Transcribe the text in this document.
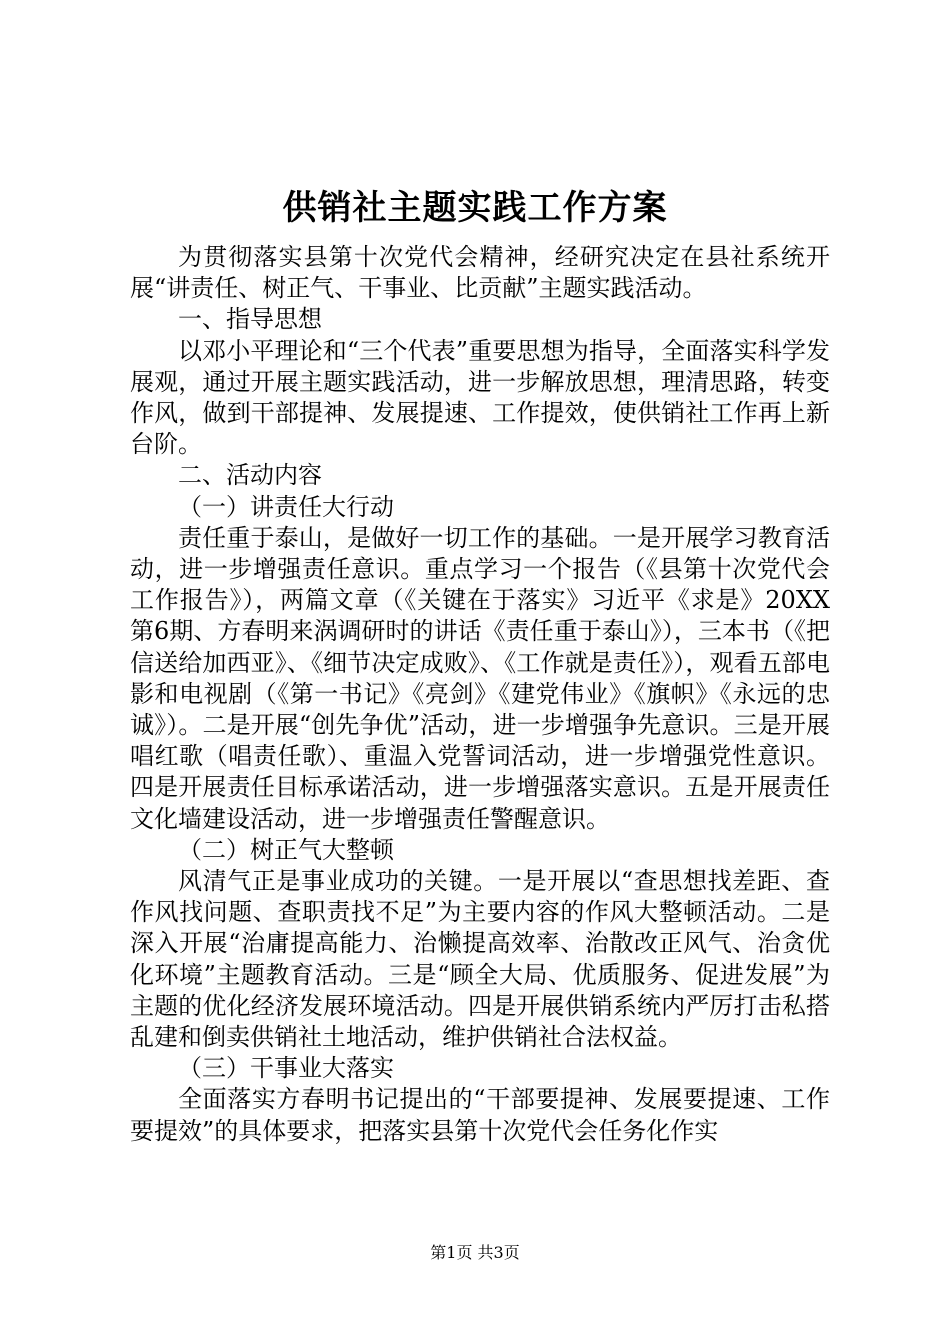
供销社主题实践工作方案

为贯彻落实县第十次党代会精神，经研究决定在县社系统开展“讲责任、树正气、干事业、比贡献”主题实践活动。

一、指导思想

以邓小平理论和“三个代表”重要思想为指导，全面落实科学发展观，通过开展主题实践活动，进一步解放思想，理清思路，转变作风，做到干部提神、发展提速、工作提效，使供销社工作再上新台阶。

二、活动内容

（一）讲责任大行动

责任重于泰山，是做好一切工作的基础。一是开展学习教育活动，进一步增强责任意识。重点学习一个报告（《县第十次党代会工作报告》），两篇文章（《关键在于落实》习近平《求是》20XX第6期、方春明来涡调研时的讲话《责任重于泰山》），三本书（《把信送给加西亚》、《细节决定成败》、《工作就是责任》），观看五部电影和电视剧（《第一书记》《亮剑》《建党伟业》《旗帜》《永远的忠诚》）。二是开展“创先争优”活动，进一步增强争先意识。三是开展唱红歌（唱责任歌）、重温入党誓词活动，进一步增强党性意识。四是开展责任目标承诺活动，进一步增强落实意识。五是开展责任文化墙建设活动，进一步增强责任警醒意识。

（二）树正气大整顿

风清气正是事业成功的关键。一是开展以“查思想找差距、查作风找问题、查职责找不足”为主要内容的作风大整顿活动。二是深入开展“治庸提高能力、治懒提高效率、治散改正风气、治贪优化环境”主题教育活动。三是“顾全大局、优质服务、促进发展”为主题的优化经济发展环境活动。四是开展供销系统内严厉打击私搭乱建和倒卖供销社土地活动，维护供销社合法权益。

（三）干事业大落实

全面落实方春明书记提出的“干部要提神、发展要提速、工作要提效”的具体要求，把落实县第十次党代会任务化作实

第1页 共3页
